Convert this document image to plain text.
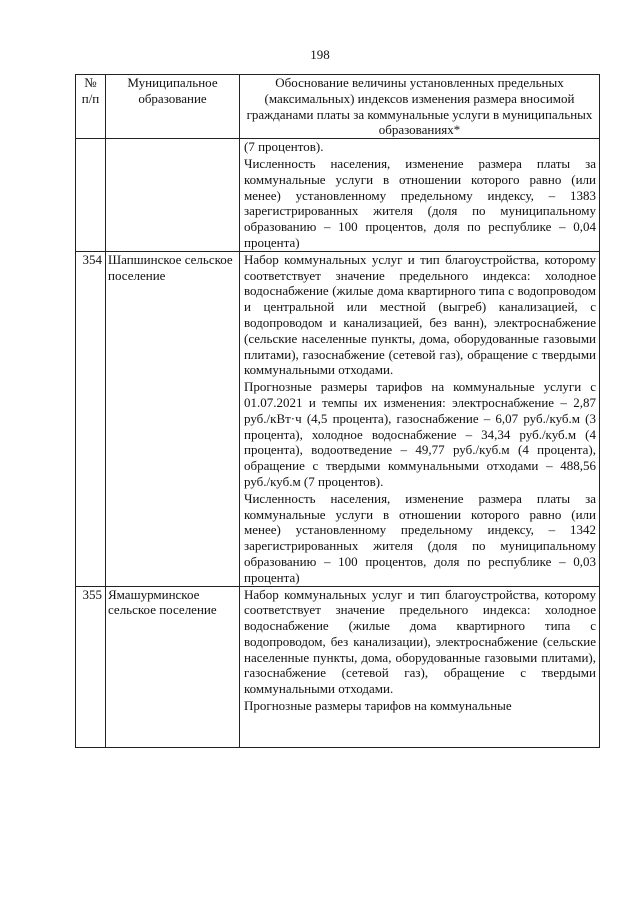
198
№ п/п	Муниципальное образование	Обоснование величины установленных предельных (максимальных) индексов изменения размера вносимой гражданами платы за коммунальные услуги в муниципальных образованиях*

		(7 процентов).

Численность населения, изменение размера платы за коммунальные услуги в отношении которого равно (или менее) установленному предельному индексу, – 1383 зарегистрированных жителя (доля по муниципальному образованию – 100 процентов, доля по республике – 0,04 процента)

354	Шапшинское сельское поселение	Набор коммунальных услуг и тип благоустройства, которому соответствует значение предельного индекса: холодное водоснабжение (жилые дома квартирного типа с водопроводом и центральной или местной (выгреб) канализацией, с водопроводом и канализацией, без ванн), электроснабжение (сельские населенные пункты, дома, оборудованные газовыми плитами), газоснабжение (сетевой газ), обращение с твердыми коммунальными отходами.

Прогнозные размеры тарифов на коммунальные услуги с 01.07.2021 и темпы их изменения: электроснабжение – 2,87 руб./кВт·ч (4,5 процента), газоснабжение – 6,07 руб./куб.м (3 процента), холодное водоснабжение – 34,34 руб./куб.м (4 процента), водоотведение – 49,77 руб./куб.м (4 процента), обращение с твердыми коммунальными отходами – 488,56 руб./куб.м (7 процентов).

Численность населения, изменение размера платы за коммунальные услуги в отношении которого равно (или менее) установленному предельному индексу, – 1342 зарегистрированных жителя (доля по муниципальному образованию – 100 процентов, доля по республике – 0,03 процента)

355	Ямашурминское сельское поселение	Набор коммунальных услуг и тип благоустройства, которому соответствует значение предельного индекса: холодное водоснабжение (жилые дома квартирного типа с водопроводом, без канализации), электроснабжение (сельские населенные пункты, дома, оборудованные газовыми плитами), газоснабжение (сетевой газ), обращение с твердыми коммунальными отходами.

Прогнозные размеры тарифов на коммунальные
